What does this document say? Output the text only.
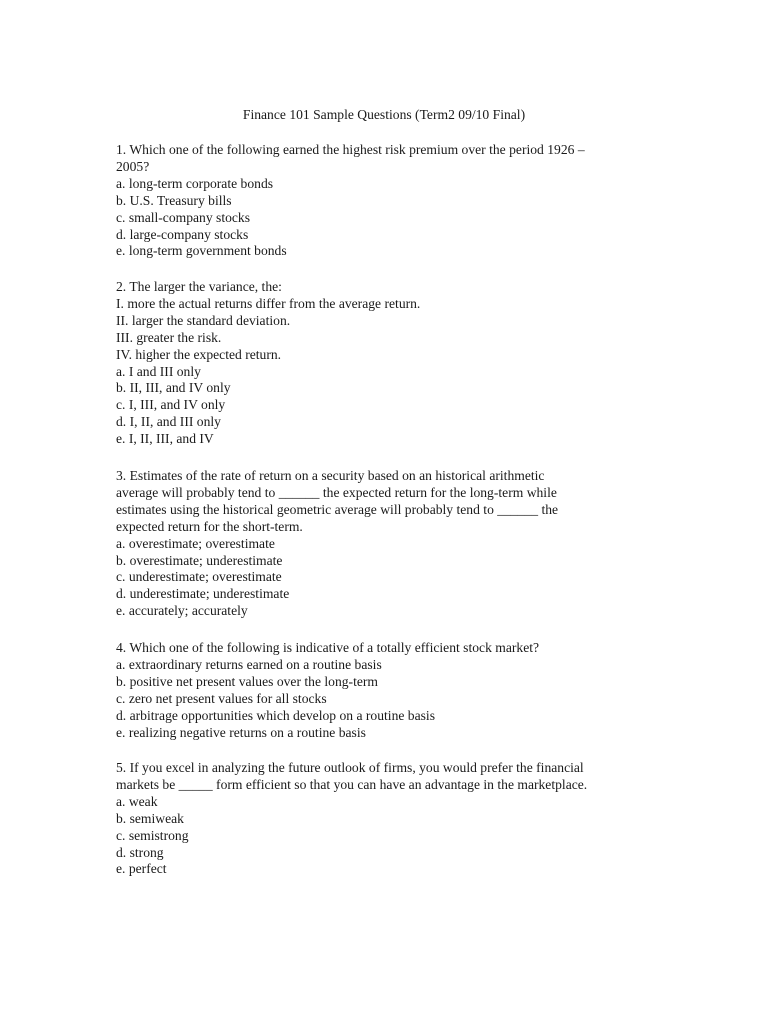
Finance 101 Sample Questions (Term2 09/10 Final)
1. Which one of the following earned the highest risk premium over the period 1926 –
2005?
a. long-term corporate bonds
b. U.S. Treasury bills
c. small-company stocks
d. large-company stocks
e. long-term government bonds
2. The larger the variance, the:
I. more the actual returns differ from the average return.
II. larger the standard deviation.
III. greater the risk.
IV. higher the expected return.
a. I and III only
b. II, III, and IV only
c. I, III, and IV only
d. I, II, and III only
e. I, II, III, and IV
3. Estimates of the rate of return on a security based on an historical arithmetic
average will probably tend to ______ the expected return for the long-term while
estimates using the historical geometric average will probably tend to ______ the
expected return for the short-term.
a. overestimate; overestimate
b. overestimate; underestimate
c. underestimate; overestimate
d. underestimate; underestimate
e. accurately; accurately
4. Which one of the following is indicative of a totally efficient stock market?
a. extraordinary returns earned on a routine basis
b. positive net present values over the long-term
c. zero net present values for all stocks
d. arbitrage opportunities which develop on a routine basis
e. realizing negative returns on a routine basis
5. If you excel in analyzing the future outlook of firms, you would prefer the financial
markets be _____ form efficient so that you can have an advantage in the marketplace.
a. weak
b. semiweak
c. semistrong
d. strong
e. perfect
